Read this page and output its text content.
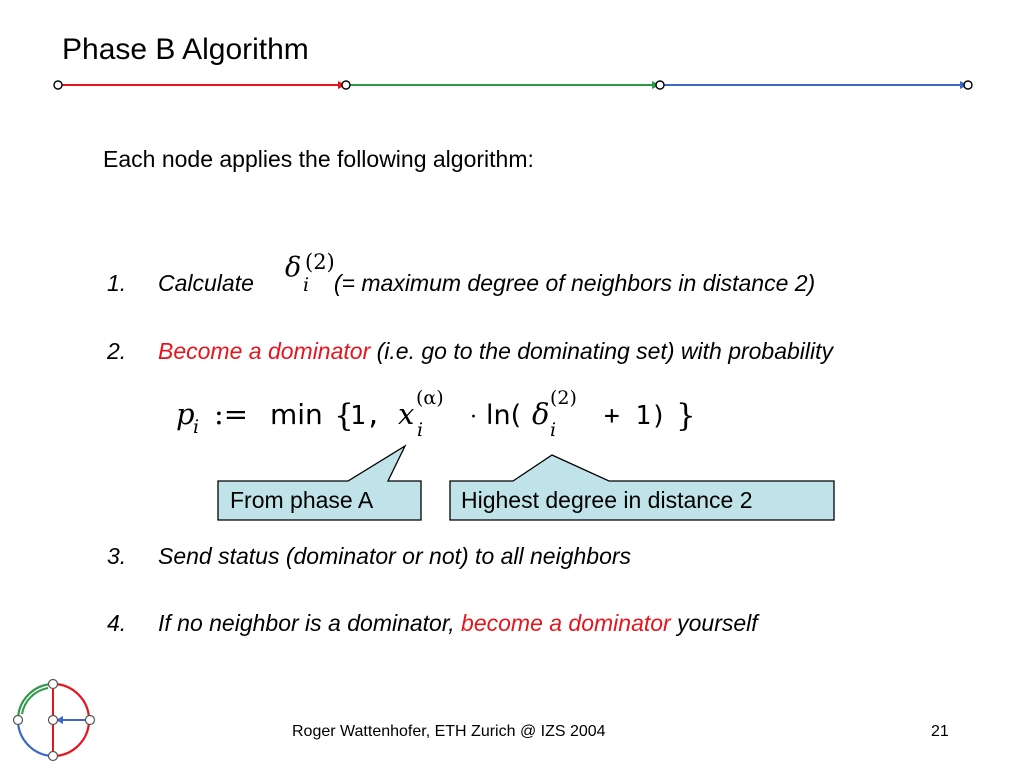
Phase B Algorithm
Each node applies the following algorithm:
1. Calculate	(= maximum degree of neighbors in distance 2)
δ (2)
i
2. Become a dominator (i.e. go to the dominating set) with probability
p
i := min {
1, x (α)
i · ln( δ (2)
i + 1) }
From phase A	Highest degree in distance 2
3. Send status (dominator or not) to all neighbors
4. If no neighbor is a dominator, become a dominator yourself
Roger Wattenhofer, ETH Zurich @ IZS 2004	21
